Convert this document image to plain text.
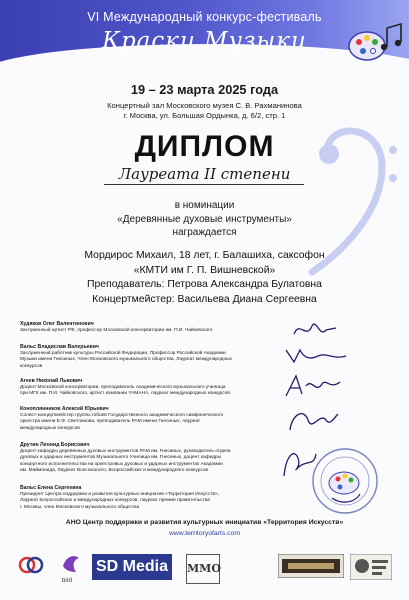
VI Международный конкурс-фестиваль
Краски Музыки
19 – 23 марта 2025 года
Концертный зал Московского музея С. В. Рахманинова
г. Москва, ул. Большая Ордынка, д. 6/2, стр. 1
ДИПЛОМ
Лауреата II степени
в номинации
«Деревянные духовые инструменты»
награждается
Мордирос Михаил, 18 лет, г. Балашиха, саксофон
«КМТИ им Г. П. Вишневской»
Преподаватель: Петрова Александра Булатовна
Концертмейстер: Васильева Диана Сергеевна
Худяков Олег Валентинович
Заслуженный артист РФ, профессор Московской консерватории им. П.И. Чайковского
Вальс Владислав Валерьевич
Заслуженный работник культуры Российской Федерации, Профессор Российской Академии
Музыки имени Гнесиных, Член Московского музыкального общества, Лауреат международных
конкурсов
Агеев Николай Львович
Доцент Московской консерватории, преподаватель Академического музыкального училища
при МГК им. П.И. Чайковского, артист компании YAMAHA, лауреат международных конкурсов
Коноплянников Алексей Юрьевич
Солист-концертмейстер группы гобоев Государственного академического симфонического
оркестра имени Е.Ф. Светланова, преподаватель РАМ имени Гнесиных, лауреат
международных конкурсов
Друтин Леонид Борисович
Доцент кафедры деревянных духовых инструментов РАМ им. Гнесиных, руководитель отдела
духовых и ударных инструментов Музыкального Училища им. Гнесиных, доцент кафедры
концертного исполнительства на оркестровых духовых и ударных инструментах Академии
им. Маймонида, Лауреат Всесоюзного, Всероссийских и международного конкурсов
Вальс Елена Сергеевна
Президент Центра поддержки и развития культурных инициатив «Территория Искусств»,
Лауреат всероссийских и международных конкурсов, лауреат премии правительства
г. Москвы, член Московского музыкального общества
АНО Центр поддержки и развития культурных инициатив «Территория Искусств»
www.territoryofarts.com
bird
SD Media	ММО
